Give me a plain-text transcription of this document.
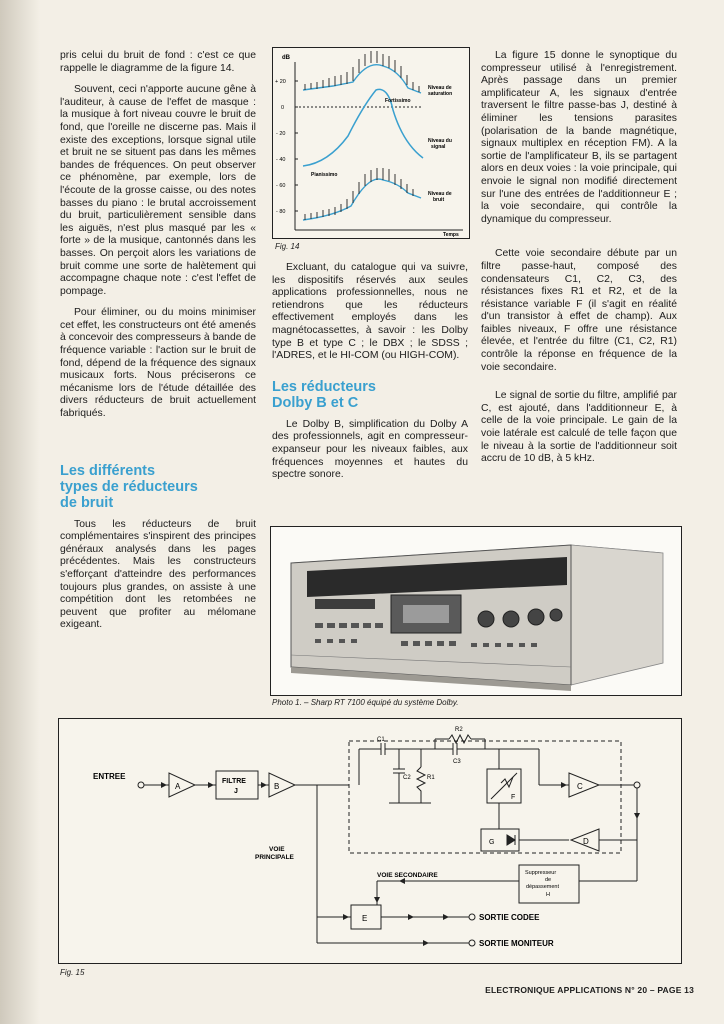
pris celui du bruit de fond : c'est ce que rappelle le diagramme de la figure 14.

Souvent, ceci n'apporte aucune gêne à l'auditeur, à cause de l'effet de masque : la musique à fort niveau couvre le bruit de fond, que l'oreille ne discerne pas. Mais il existe des exceptions, lorsque signal utile et bruit ne se situent pas dans les mêmes bandes de fréquences. On peut observer ce phénomène, par exemple, lors de l'écoute de la grosse caisse, ou des notes basses du piano : le brutal accroissement du bruit, particulièrement sensible dans les aiguës, n'est plus masqué par les « forte » de la musique, cantonnés dans les basses. On perçoit alors les variations de bruit comme une sorte de halètement qui accompagne chaque note : c'est l'effet de pompage.

Pour éliminer, ou du moins minimiser cet effet, les constructeurs ont été amenés à concevoir des compresseurs à bande de fréquence variable : l'action sur le bruit de fond, dépend de la fréquence des signaux musicaux forts. Nous préciserons ce mécanisme lors de l'étude détaillée des divers réducteurs de bruit actuellement fabriqués.

Les différents
types de réducteurs
de bruit

Tous les réducteurs de bruit complémentaires s'inspirent des principes généraux analysés dans les pages précédentes. Mais les constructeurs s'efforçant d'atteindre des performances toujours plus grandes, on assiste à une compétition dont les retombées ne peuvent que profiter au mélomane exigeant.

dB
+ 20
0
- 20
- 40
- 60
- 80
Niveau de
saturation
Fortissimo
Niveau du
signal
Pianissimo
Niveau de
bruit
Temps
Fig. 14

Excluant, du catalogue qui va suivre, les dispositifs réservés aux seules applications professionnelles, nous ne retiendrons que les réducteurs effectivement employés dans les magnétocassettes, à savoir : les Dolby type B et type C ; le DBX ; le SDSS ; l'ADRES, et le HI-COM (ou HIGH-COM).

Les réducteurs
Dolby B et C

Le Dolby B, simplification du Dolby A des professionnels, agit en compresseur-expanseur pour les niveaux faibles, aux fréquences moyennes et hautes du spectre sonore.

La figure 15 donne le synoptique du compresseur utilisé à l'enregistrement. Après passage dans un premier amplificateur A, les signaux d'entrée traversent le filtre passe-bas J, destiné à éliminer les tensions parasites (polarisation de la bande magnétique, signaux multiplex en réception FM). A la sortie de l'amplificateur B, ils se partagent alors en deux voies : la voie principale, qui envoie le signal non modifié directement sur l'une des entrées de l'additionneur E ; la voie secondaire, qui contrôle la dynamique du compresseur.

Cette voie secondaire débute par un filtre passe-haut, composé des condensateurs C1, C2, C3, des résistances fixes R1 et R2, et de la résistance variable F (il s'agit en réalité d'un transistor à effet de champ). Aux faibles niveaux, F offre une résistance élevée, et l'entrée du filtre (C1, C2, R1) contrôle la réponse en fréquence de la voie secondaire.

Le signal de sortie du filtre, amplifié par C, est ajouté, dans l'additionneur E, à celle de la voie principale. Le gain de la voie latérale est calculé de telle façon que le niveau à la sortie de l'additionneur soit accru de 10 dB, à 5 kHz.

Photo 1. – Sharp RT 7100 équipé du système Dolby.
ENTREE
A
FILTRE
J
B	C
D
E
F
G
Suppresseur
de
dépassement
H
C1
C2	R1
R2
C3
VOIE
PRINCIPALE
VOIE SECONDAIRE
SORTIE CODEE
SORTIE MONITEUR
Fig. 15
ELECTRONIQUE APPLICATIONS N° 20 – PAGE 13
